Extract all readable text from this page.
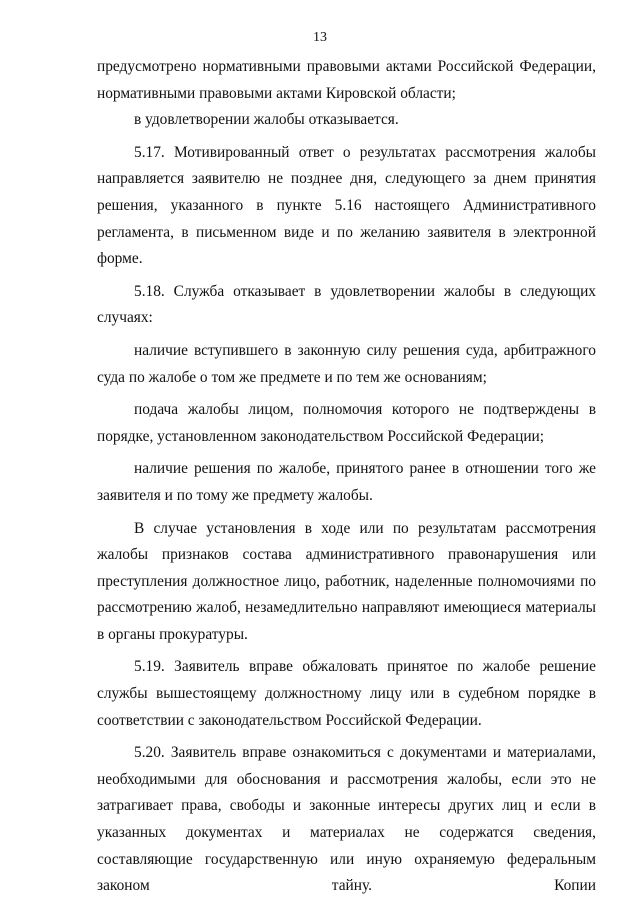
13

предусмотрено нормативными правовыми актами Российской Федерации, нормативными правовыми актами Кировской области;

в удовлетворении жалобы отказывается.

5.17. Мотивированный ответ о результатах рассмотрения жалобы направляется заявителю не позднее дня, следующего за днем принятия решения, указанного в пункте 5.16 настоящего Административного регламента, в письменном виде и по желанию заявителя в электронной форме.

5.18. Служба отказывает в удовлетворении жалобы в следующих случаях:

наличие вступившего в законную силу решения суда, арбитражного суда по жалобе о том же предмете и по тем же основаниям;

подача жалобы лицом, полномочия которого не подтверждены в порядке, установленном законодательством Российской Федерации;

наличие решения по жалобе, принятого ранее в отношении того же заявителя и по тому же предмету жалобы.

В случае установления в ходе или по результатам рассмотрения жалобы признаков состава административного правонарушения или преступления должностное лицо, работник, наделенные полномочиями по рассмотрению жалоб, незамедлительно направляют имеющиеся материалы в органы прокуратуры.

5.19. Заявитель вправе обжаловать принятое по жалобе решение службы вышестоящему должностному лицу или в судебном порядке в соответствии с законодательством Российской Федерации.

5.20. Заявитель вправе ознакомиться с документами и материалами, необходимыми для обоснования и рассмотрения жалобы, если это не затрагивает права, свободы и законные интересы других лиц и если в указанных документах и материалах не содержатся сведения, составляющие государственную или иную охраняемую федеральным законом тайну. Копии
